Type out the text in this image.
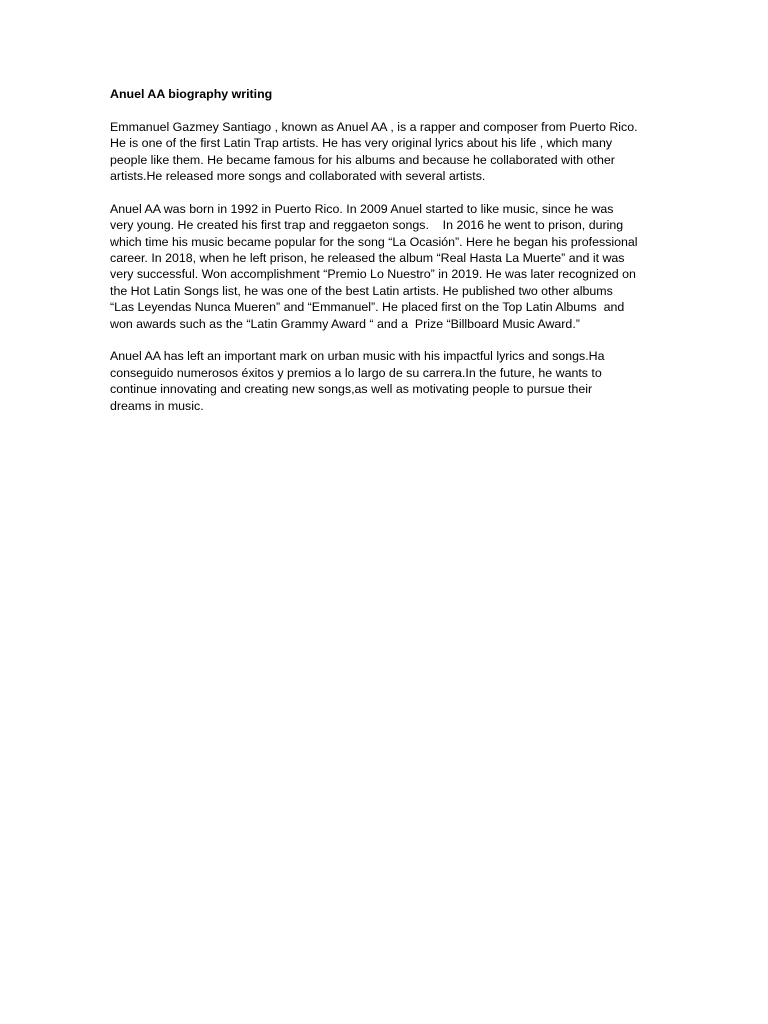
Anuel AA biography writing
Emmanuel Gazmey Santiago , known as Anuel AA , is a rapper and composer from Puerto Rico.
He is one of the first Latin Trap artists. He has very original lyrics about his life , which many
people like them. He became famous for his albums and because he collaborated with other
artists.He released more songs and collaborated with several artists.
Anuel AA was born in 1992 in Puerto Rico. In 2009 Anuel started to like music, since he was
very young. He created his first trap and reggaeton songs.    In 2016 he went to prison, during
which time his music became popular for the song “La Ocasión”. Here he began his professional
career. In 2018, when he left prison, he released the album “Real Hasta La Muerte” and it was
very successful. Won accomplishment “Premio Lo Nuestro” in 2019. He was later recognized on
the Hot Latin Songs list, he was one of the best Latin artists. He published two other albums
“Las Leyendas Nunca Mueren” and “Emmanuel”. He placed first on the Top Latin Albums  and
won awards such as the “Latin Grammy Award “ and a  Prize “Billboard Music Award.”
Anuel AA has left an important mark on urban music with his impactful lyrics and songs.Ha
conseguido numerosos éxitos y premios a lo largo de su carrera.In the future, he wants to
continue innovating and creating new songs,as well as motivating people to pursue their
dreams in music.
